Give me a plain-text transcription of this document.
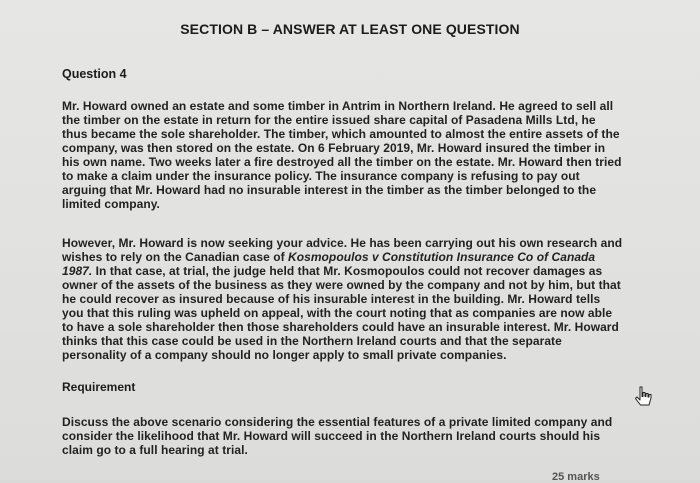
SECTION B – ANSWER AT LEAST ONE QUESTION
Question 4
Mr. Howard owned an estate and some timber in Antrim in Northern Ireland. He agreed to sell all the timber on the estate in return for the entire issued share capital of Pasadena Mills Ltd, he thus became the sole shareholder. The timber, which amounted to almost the entire assets of the company, was then stored on the estate. On 6 February 2019, Mr. Howard insured the timber in his own name. Two weeks later a fire destroyed all the timber on the estate. Mr. Howard then tried to make a claim under the insurance policy. The insurance company is refusing to pay out arguing that Mr. Howard had no insurable interest in the timber as the timber belonged to the limited company.
However, Mr. Howard is now seeking your advice. He has been carrying out his own research and wishes to rely on the Canadian case of Kosmopoulos v Constitution Insurance Co of Canada 1987. In that case, at trial, the judge held that Mr. Kosmopoulos could not recover damages as owner of the assets of the business as they were owned by the company and not by him, but that he could recover as insured because of his insurable interest in the building. Mr. Howard tells you that this ruling was upheld on appeal, with the court noting that as companies are now able to have a sole shareholder then those shareholders could have an insurable interest. Mr. Howard thinks that this case could be used in the Northern Ireland courts and that the separate personality of a company should no longer apply to small private companies.
Requirement
Discuss the above scenario considering the essential features of a private limited company and consider the likelihood that Mr. Howard will succeed in the Northern Ireland courts should his claim go to a full hearing at trial.
25 marks
